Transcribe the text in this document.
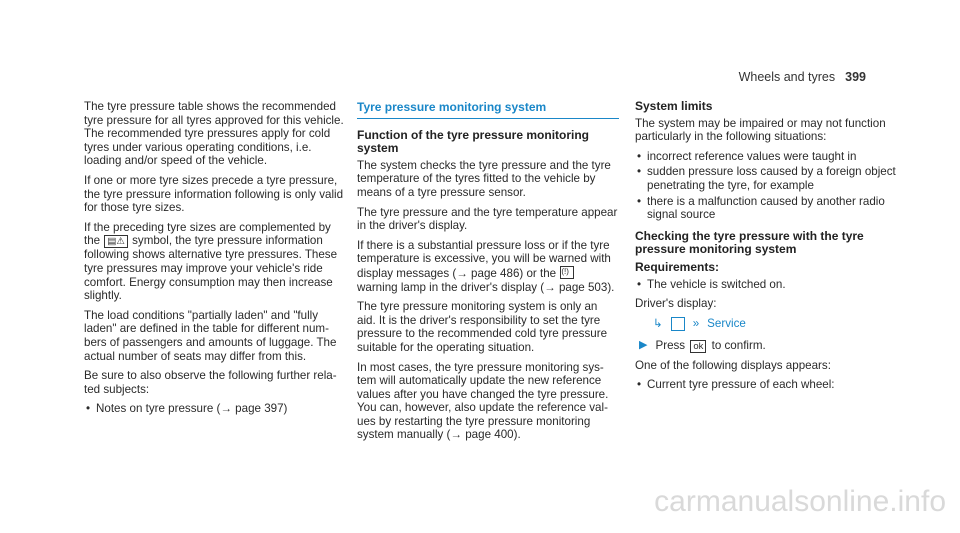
Wheels and tyres 399

The tyre pressure table shows the recommended tyre pressure for all tyres approved for this vehicle. The recommended tyre pressures apply for cold tyres under various operating conditions, i.e. loading and/or speed of the vehicle.

If one or more tyre sizes precede a tyre pressure, the tyre pressure information following is only valid for those tyre sizes.

If the preceding tyre sizes are complemented by the ▤⚠ symbol, the tyre pressure information following shows alternative tyre pressures. These tyre pressures may improve your vehicle's ride comfort. Energy consumption may then increase slightly.

The load conditions "partially laden" and "fully laden" are defined in the table for different numbers of passengers and amounts of luggage. The actual number of seats may differ from this.

Be sure to also observe the following further related subjects:

• Notes on tyre pressure (→ page 397)
Tyre pressure monitoring system
Function of the tyre pressure monitoring system

The system checks the tyre pressure and the tyre temperature of the tyres fitted to the vehicle by means of a tyre pressure sensor.

The tyre pressure and the tyre temperature appear in the driver's display.

If there is a substantial pressure loss or if the tyre temperature is excessive, you will be warned with display messages (→ page 486) or the (!) warning lamp in the driver's display (→ page 503).

The tyre pressure monitoring system is only an aid. It is the driver's responsibility to set the tyre pressure to the recommended cold tyre pressure suitable for the operating situation.

In most cases, the tyre pressure monitoring system will automatically update the new reference values after you have changed the tyre pressure. You can, however, also update the reference values by restarting the tyre pressure monitoring system manually (→ page 400).

System limits

The system may be impaired or may not function particularly in the following situations:

• incorrect reference values were taught in
• sudden pressure loss caused by a foreign object penetrating the tyre, for example
• there is a malfunction caused by another radio signal source
Checking the tyre pressure with the tyre pressure monitoring system
Requirements:
• The vehicle is switched on.

Driver's display:

↳	» Service
▶ Press ok to confirm.

One of the following displays appears:

• Current tyre pressure of each wheel:
carmanualsonline.info
